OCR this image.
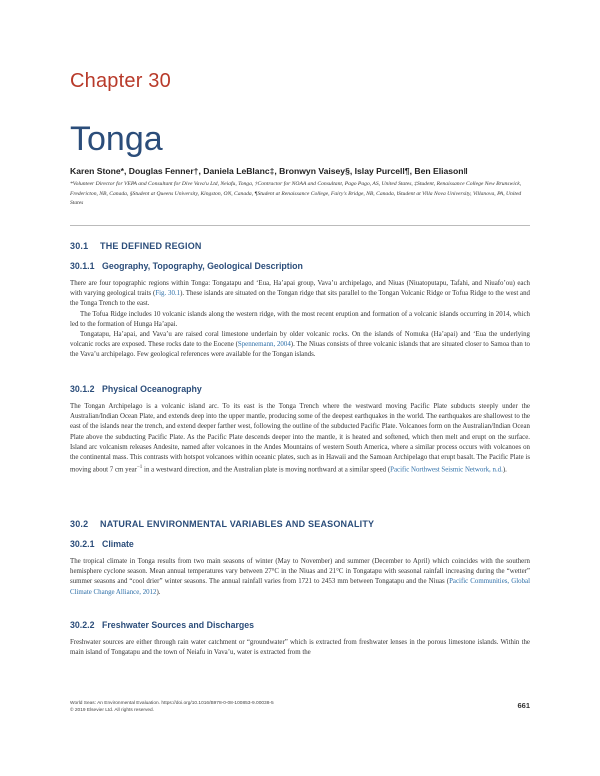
Chapter 30
Tonga
Karen Stone*, Douglas Fenner†, Daniela LeBlanc‡, Bronwyn Vaisey§, Islay Purcell¶, Ben Eliason‖
*Volunteer Director for VEPA and Consultant for Dive Vava'u Ltd, Neiafu, Tonga, †Contractor for NOAA and Consultant, Pago Pago, AS, United States, ‡Student, Renaissance College New Brunswick, Fredericton, NB, Canada, §Student at Queens University, Kingston, ON, Canada, ¶Student at Renaissance College, Fairy's Bridge, NB, Canada, ‖Student at Villa Nova University, Villanova, PA, United States
30.1 THE DEFINED REGION
30.1.1 Geography, Topography, Geological Description
There are four topographic regions within Tonga: Tongatapu and ‘Eua, Ha’apai group, Vava’u archipelago, and Niuas (Niuatoputapu, Tafahi, and Niuafo’ou) each with varying geological traits (Fig. 30.1). These islands are situated on the Tongan ridge that sits parallel to the Tongan Volcanic Ridge or Tofua Ridge to the west and the Tonga Trench to the east.
The Tofua Ridge includes 10 volcanic islands along the western ridge, with the most recent eruption and formation of a volcanic islands occurring in 2014, which led to the formation of Hunga Ha’apai.
Tongatapu, Ha’apai, and Vava’u are raised coral limestone underlain by older volcanic rocks. On the islands of Nomuka (Ha’apai) and ‘Eua the underlying volcanic rocks are exposed. These rocks date to the Eocene (Spennemann, 2004). The Niuas consists of three volcanic islands that are situated closer to Samoa than to the Vava’u archipelago. Few geological references were available for the Tongan islands.
30.1.2 Physical Oceanography
The Tongan Archipelago is a volcanic island arc. To its east is the Tonga Trench where the westward moving Pacific Plate subducts steeply under the Australian/Indian Ocean Plate, and extends deep into the upper mantle, producing some of the deepest earthquakes in the world. The earthquakes are shallowest to the east of the islands near the trench, and extend deeper farther west, following the outline of the subducted Pacific Plate. Volcanoes form on the Australian/Indian Ocean Plate above the subducting Pacific Plate. As the Pacific Plate descends deeper into the mantle, it is heated and softened, which then melt and erupt on the surface. Island arc volcanism releases Andesite, named after volcanoes in the Andes Mountains of western South America, where a similar process occurs with volcanoes on the continental mass. This contrasts with hotspot volcanoes within oceanic plates, such as in Hawaii and the Samoan Archipelago that erupt basalt. The Pacific Plate is moving about 7 cm year$^{-1}$ in a westward direction, and the Australian plate is moving northward at a similar speed (Pacific Northwest Seismic Network, n.d.).
30.2 NATURAL ENVIRONMENTAL VARIABLES AND SEASONALITY
30.2.1 Climate
The tropical climate in Tonga results from two main seasons of winter (May to November) and summer (December to April) which coincides with the southern hemisphere cyclone season. Mean annual temperatures vary between 27°C in the Niuas and 21°C in Tongatapu with seasonal rainfall increasing during the “wetter” summer seasons and “cool drier” winter seasons. The annual rainfall varies from 1721 to 2453 mm between Tongatapu and the Niuas (Pacific Communities, Global Climate Change Alliance, 2012).
30.2.2 Freshwater Sources and Discharges
Freshwater sources are either through rain water catchment or “groundwater” which is extracted from freshwater lenses in the porous limestone islands. Within the main island of Tongatapu and the town of Neiafu in Vava’u, water is extracted from the
World Seas: An Environmental Evaluation. https://doi.org/10.1016/B978-0-08-100853-9.00038-5
© 2019 Elsevier Ltd. All rights reserved.
661
